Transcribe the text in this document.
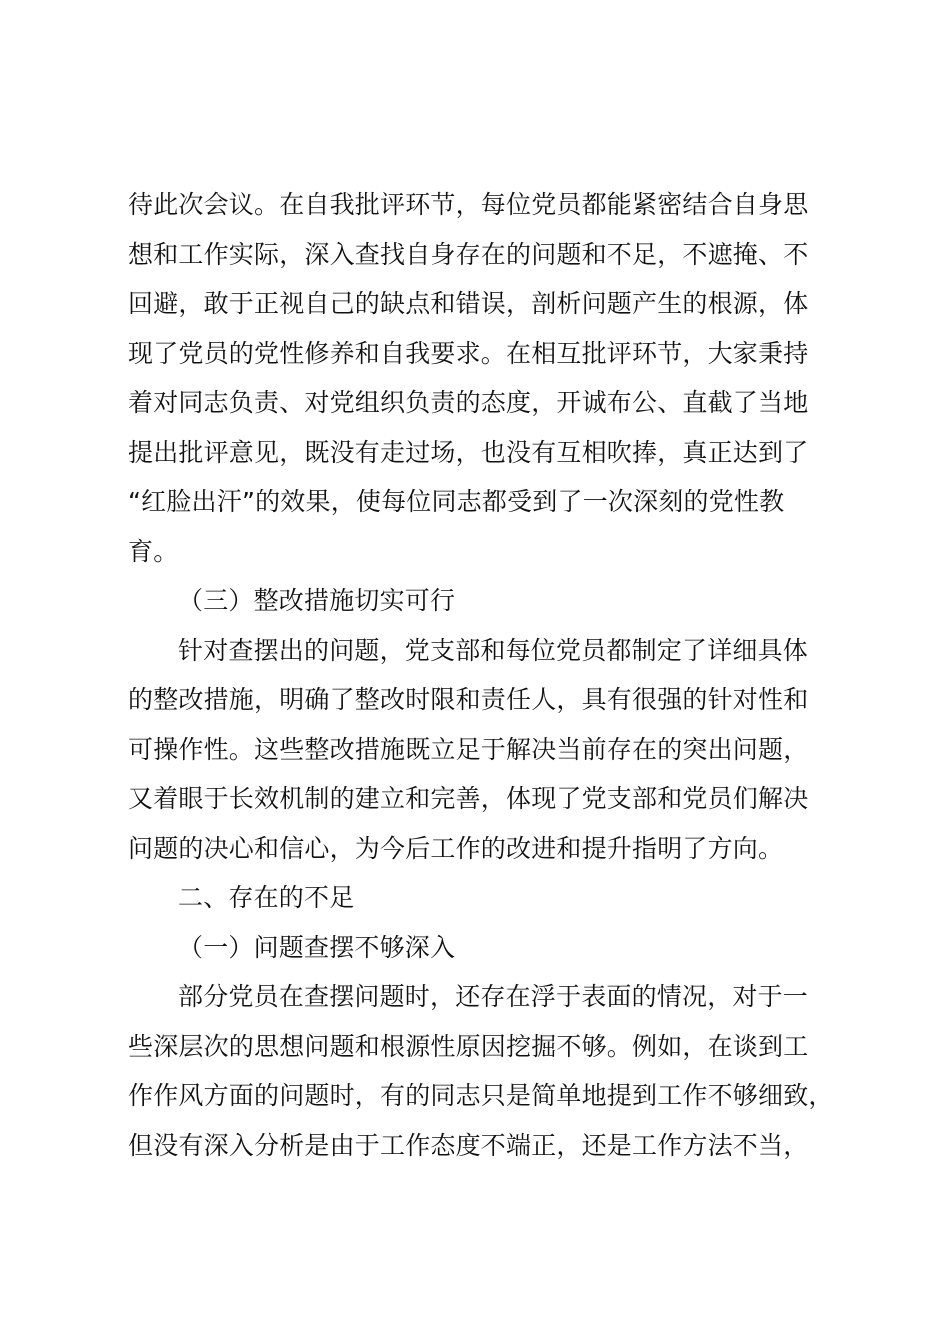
待此次会议。在自我批评环节，每位党员都能紧密结合自身思
想和工作实际，深入查找自身存在的问题和不足，不遮掩、不
回避，敢于正视自己的缺点和错误，剖析问题产生的根源，体
现了党员的党性修养和自我要求。在相互批评环节，大家秉持
着对同志负责、对党组织负责的态度，开诚布公、直截了当地
提出批评意见，既没有走过场，也没有互相吹捧，真正达到了
“红脸出汗”的效果，使每位同志都受到了一次深刻的党性教
育。
（三）整改措施切实可行
针对查摆出的问题，党支部和每位党员都制定了详细具体
的整改措施，明确了整改时限和责任人，具有很强的针对性和
可操作性。这些整改措施既立足于解决当前存在的突出问题，
又着眼于长效机制的建立和完善，体现了党支部和党员们解决
问题的决心和信心，为今后工作的改进和提升指明了方向。
二、存在的不足
（一）问题查摆不够深入
部分党员在查摆问题时，还存在浮于表面的情况，对于一
些深层次的思想问题和根源性原因挖掘不够。例如，在谈到工
作作风方面的问题时，有的同志只是简单地提到工作不够细致，
但没有深入分析是由于工作态度不端正，还是工作方法不当，
